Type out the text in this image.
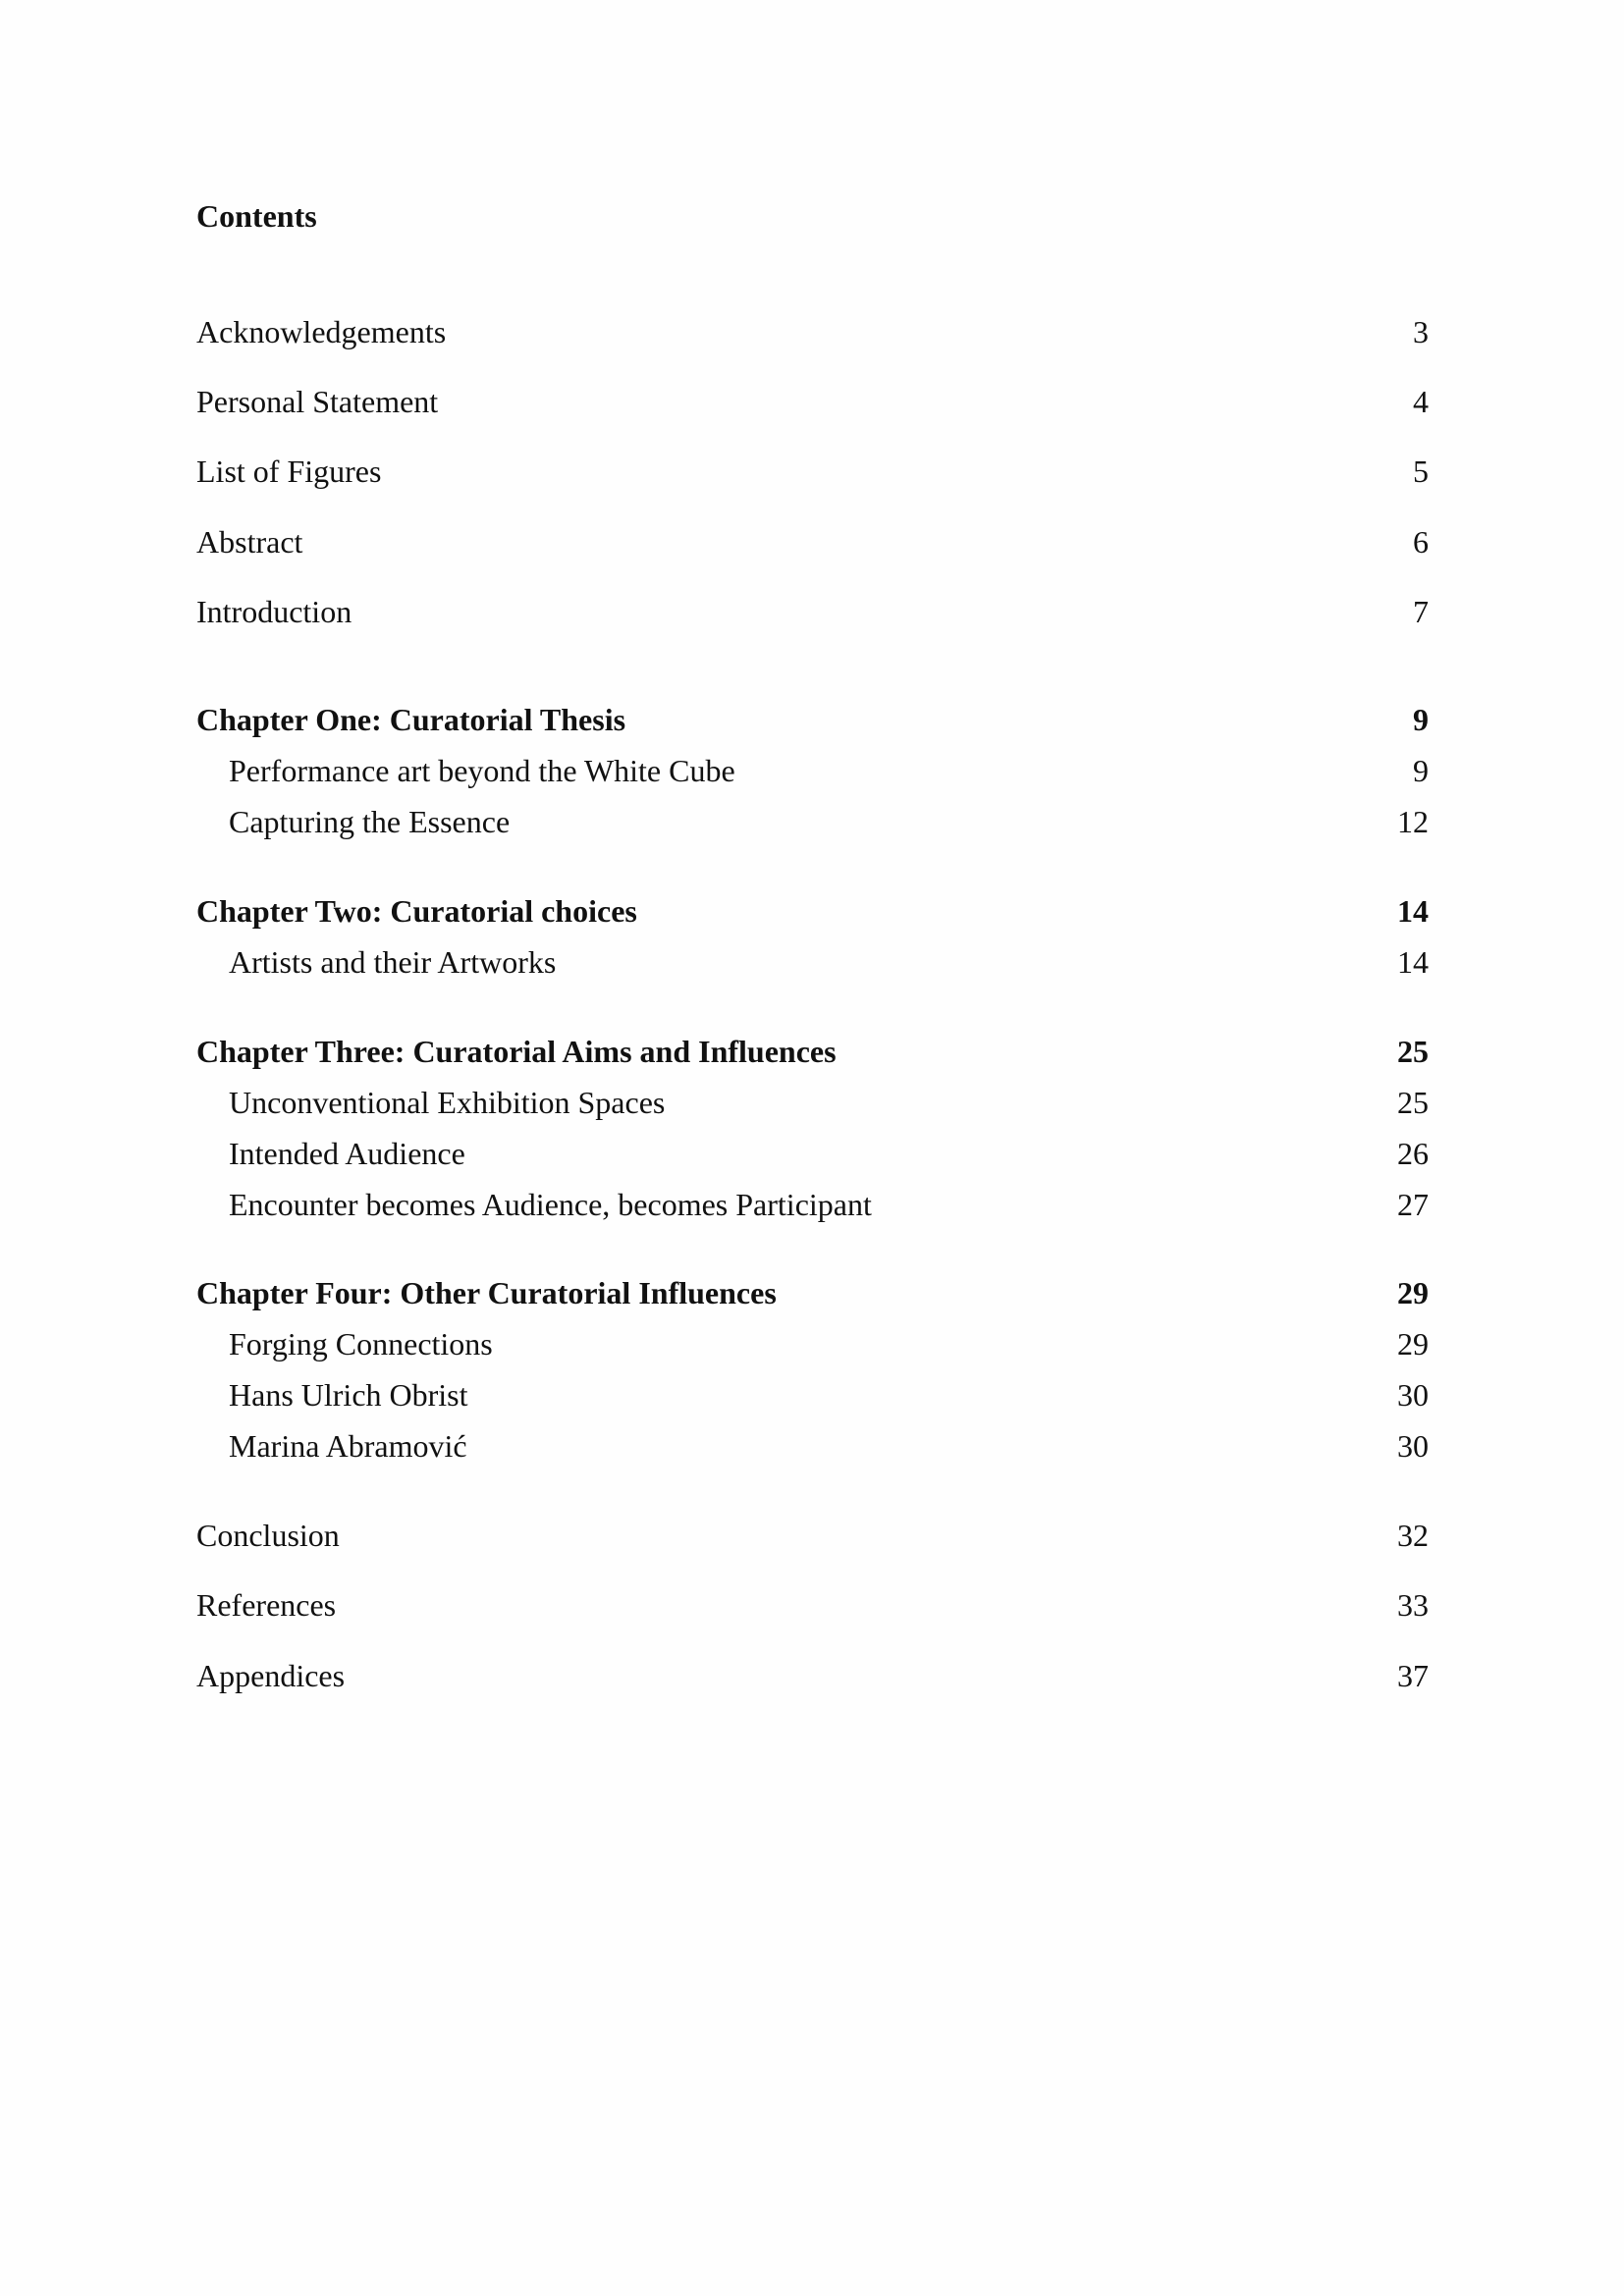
Contents
Acknowledgements	3
Personal Statement	4
List of Figures	5
Abstract	6
Introduction	7
Chapter One: Curatorial Thesis	9
Performance art beyond the White Cube	9
Capturing the Essence	12
Chapter Two: Curatorial choices	14
Artists and their Artworks	14
Chapter Three: Curatorial Aims and Influences	25
Unconventional Exhibition Spaces	25
Intended Audience	26
Encounter becomes Audience, becomes Participant	27
Chapter Four: Other Curatorial Influences	29
Forging Connections	29
Hans Ulrich Obrist	30
Marina Abramović	30
Conclusion	32
References	33
Appendices	37
